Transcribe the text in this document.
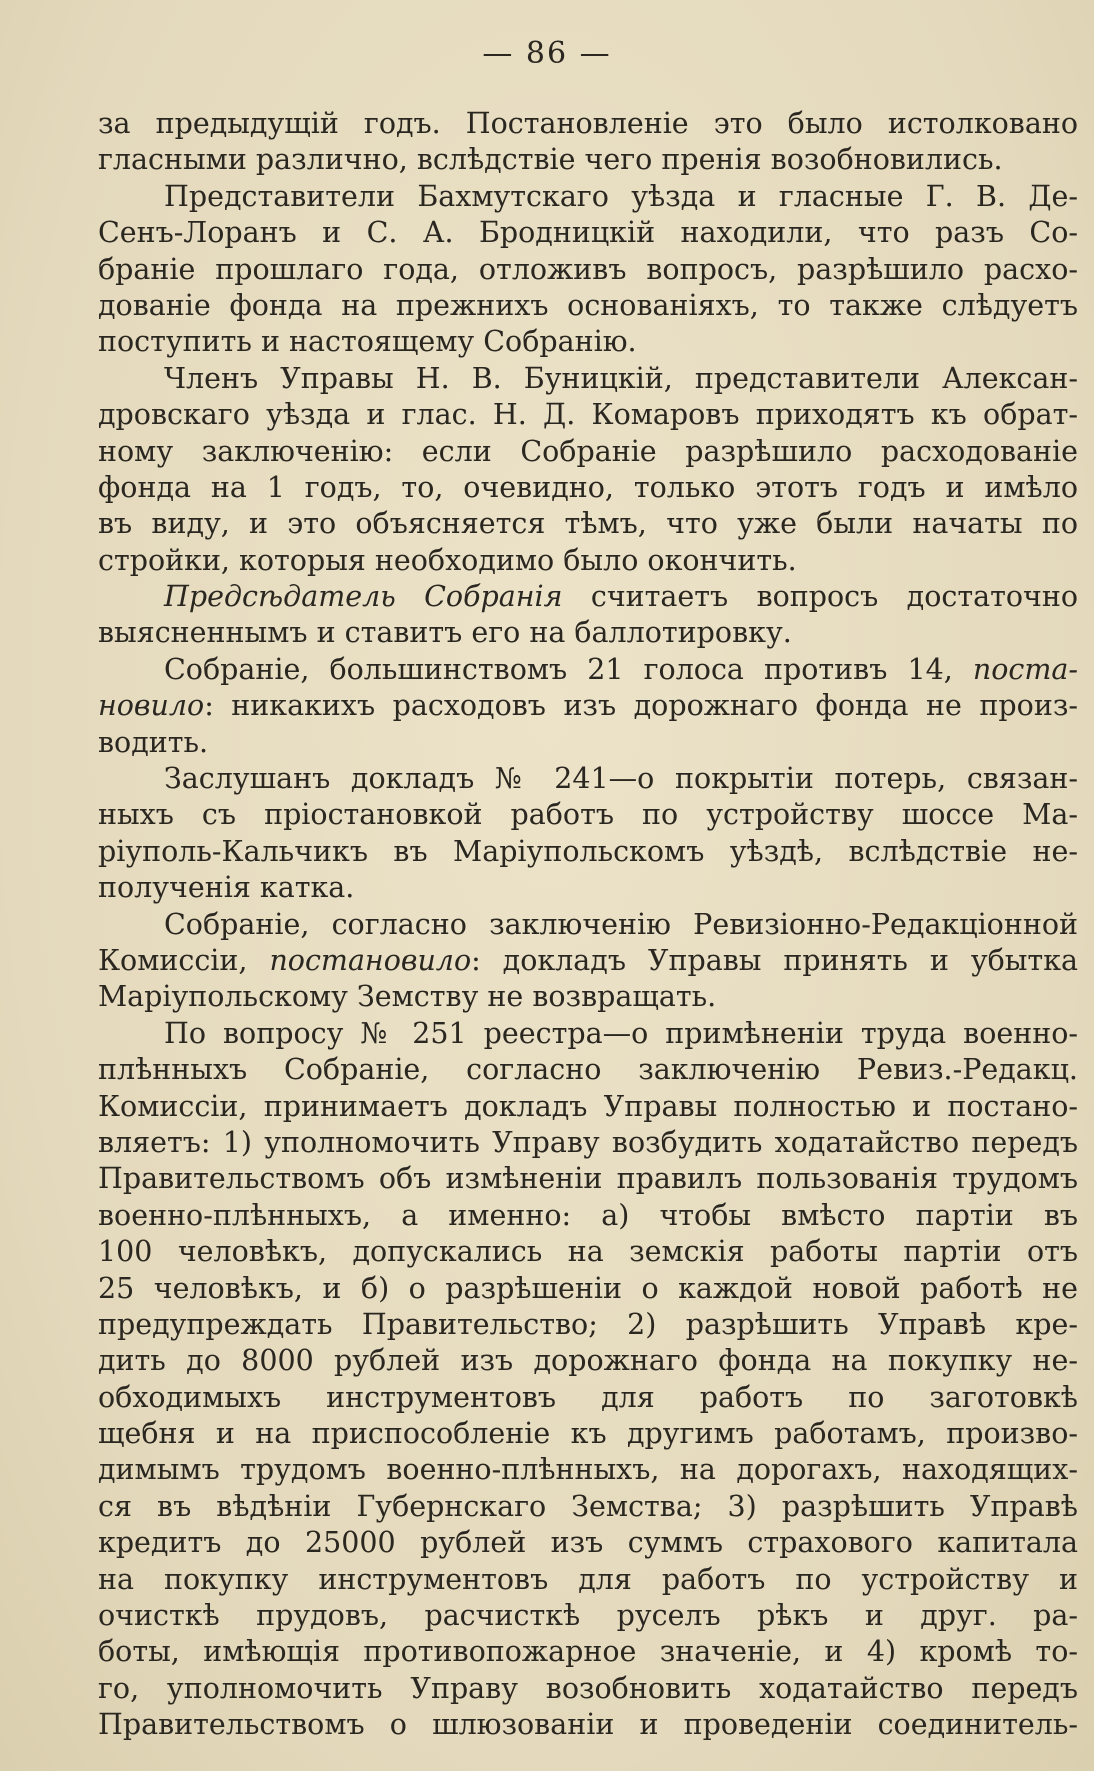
— 86 —
за предыдущій годъ. Постановленіе это было истолковано
гласными различно, вслѣдствіе чего пренія возобновились.
Представители Бахмутскаго уѣзда и гласные Г. В. Де-
Сенъ-Лоранъ и С. А. Бродницкій находили, что разъ Со-
браніе прошлаго года, отложивъ вопросъ, разрѣшило расхо-
дованіе фонда на прежнихъ основаніяхъ, то также слѣдуетъ
поступить и настоящему Собранію.
Членъ Управы Н. В. Буницкій, представители Алексан-
дровскаго уѣзда и глас. Н. Д. Комаровъ приходятъ къ обрат-
ному заключенію: если Собраніе разрѣшило расходованіе
фонда на 1 годъ, то, очевидно, только этотъ годъ и имѣло
въ виду, и это объясняется тѣмъ, что уже были начаты по
стройки, которыя необходимо было окончить.
Предсѣдатель Собранія считаетъ вопросъ достаточно
выясненнымъ и ставитъ его на баллотировку.
Собраніе, большинствомъ 21 голоса противъ 14, поста-
новило: никакихъ расходовъ изъ дорожнаго фонда не произ-
водить.
Заслушанъ докладъ № 241—о покрытіи потерь, связан-
ныхъ съ пріостановкой работъ по устройству шоссе Ма-
ріуполь-Кальчикъ въ Маріупольскомъ уѣздѣ, вслѣдствіе не-
полученія катка.
Собраніе, согласно заключенію Ревизіонно-Редакціонной
Комиссіи, постановило: докладъ Управы принять и убытка
Маріупольскому Земству не возвращать.
По вопросу № 251 реестра—о примѣненіи труда военно-
плѣнныхъ Собраніе, согласно заключенію Ревиз.-Редакц.
Комиссіи, принимаетъ докладъ Управы полностью и постано-
вляетъ: 1) уполномочить Управу возбудить ходатайство передъ
Правительствомъ объ измѣненіи правилъ пользованія трудомъ
военно-плѣнныхъ, а именно: а) чтобы вмѣсто партіи въ
100 человѣкъ, допускались на земскія работы партіи отъ
25 человѣкъ, и б) о разрѣшеніи о каждой новой работѣ не
предупреждать Правительство; 2) разрѣшить Управѣ кре-
дить до 8000 рублей изъ дорожнаго фонда на покупку не-
обходимыхъ инструментовъ для работъ по заготовкѣ
щебня и на приспособленіе къ другимъ работамъ, произво-
димымъ трудомъ военно-плѣнныхъ, на дорогахъ, находящих-
ся въ вѣдѣніи Губернскаго Земства; 3) разрѣшить Управѣ
кредитъ до 25000 рублей изъ суммъ страхового капитала
на покупку инструментовъ для работъ по устройству и
очисткѣ прудовъ, расчисткѣ руселъ рѣкъ и друг. ра-
боты, имѣющія противопожарное значеніе, и 4) кромѣ то-
го, уполномочить Управу возобновить ходатайство передъ
Правительствомъ о шлюзованіи и проведеніи соединитель-
